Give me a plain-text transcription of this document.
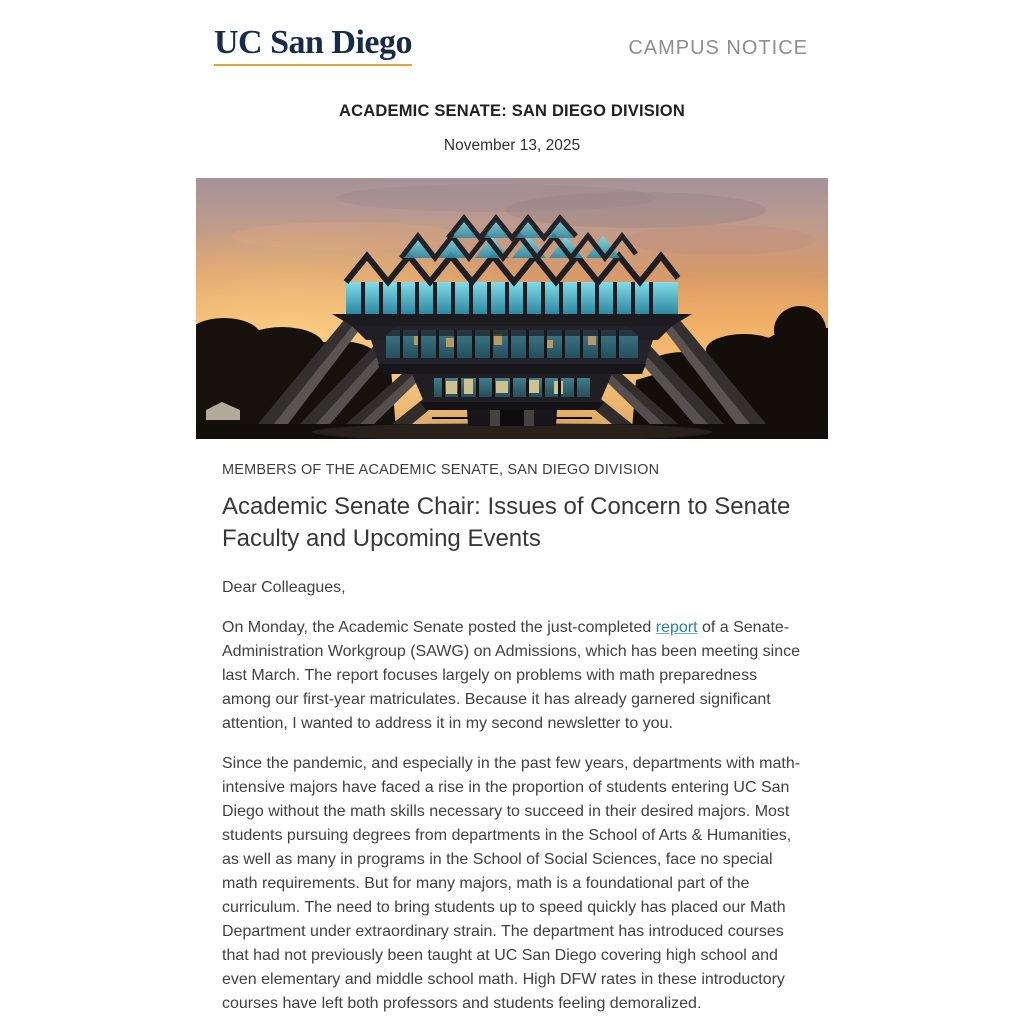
UC San Diego	CAMPUS NOTICE
ACADEMIC SENATE: SAN DIEGO DIVISION
November 13, 2025
MEMBERS OF THE ACADEMIC SENATE, SAN DIEGO DIVISION
Academic Senate Chair: Issues of Concern to Senate Faculty and Upcoming Events

Dear Colleagues,

On Monday, the Academic Senate posted the just-completed report of a Senate-Administration Workgroup (SAWG) on Admissions, which has been meeting since last March. The report focuses largely on problems with math preparedness among our first-year matriculates. Because it has already garnered significant attention, I wanted to address it in my second newsletter to you.

Since the pandemic, and especially in the past few years, departments with math-intensive majors have faced a rise in the proportion of students entering UC San Diego without the math skills necessary to succeed in their desired majors. Most students pursuing degrees from departments in the School of Arts & Humanities, as well as many in programs in the School of Social Sciences, face no special math requirements. But for many majors, math is a foundational part of the curriculum. The need to bring students up to speed quickly has placed our Math Department under extraordinary strain. The department has introduced courses that had not previously been taught at UC San Diego covering high school and even elementary and middle school math. High DFW rates in these introductory courses have left both professors and students feeling demoralized.
